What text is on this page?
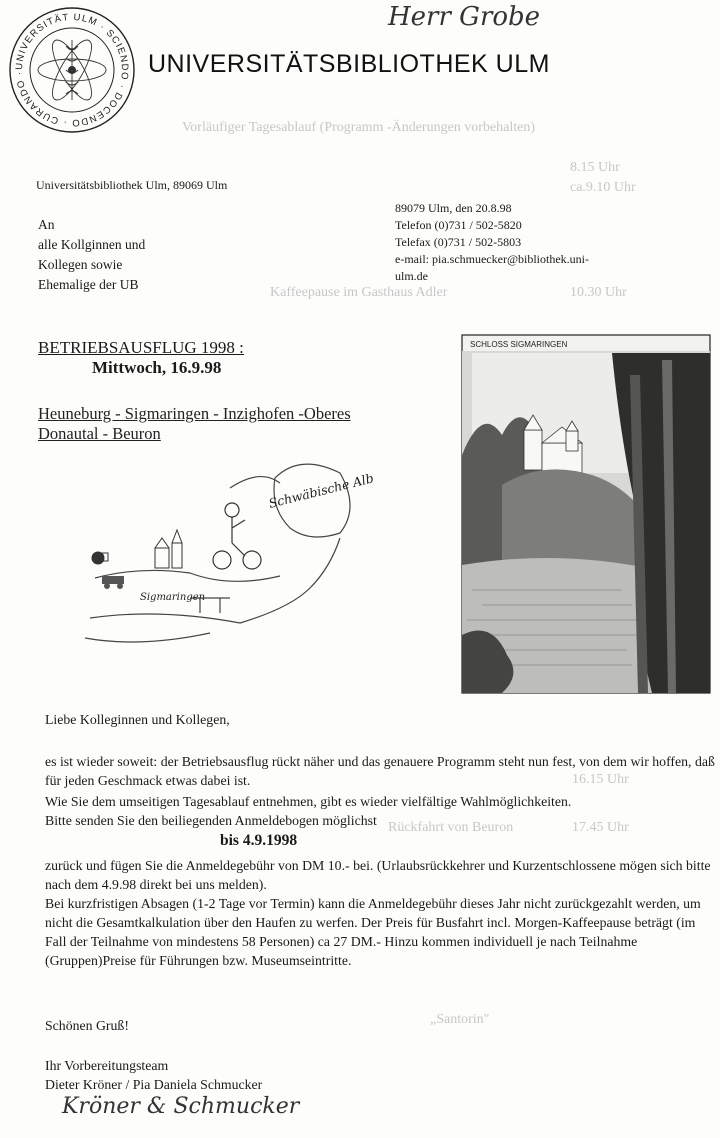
Vorläufiger Tagesablauf (Programm -Änderungen vorbehalten)
8.15 Uhr
ca.9.10 Uhr
10.30 Uhr
Kaffeepause im Gasthaus Adler
16.15 Uhr
17.45 Uhr
Rückfahrt von Beuron
„Santorin"
Herr Grobe
UNIVERSITÄT ULM · SCIENDO · DOCENDO · CURANDO ·	UNIVERSITÄTSBIBLIOTHEK ULM
Universitätsbibliothek Ulm, 89069 Ulm
An
alle Kollginnen und
Kollegen sowie
Ehemalige der UB
89079 Ulm, den 20.8.98
Telefon (0)731 / 502-5820
Telefax (0)731 / 502-5803
e-mail: pia.schmuecker@bibliothek.uni-
ulm.de
BETRIEBSAUSFLUG 1998 :
Mittwoch, 16.9.98
Heuneburg - Sigmaringen - Inzighofen -Oberes
Donautal - Beuron
SCHLOSS SIGMARINGEN
Schwäbische Alb
Sigmaringen
Liebe Kolleginnen und Kollegen,
es ist wieder soweit: der Betriebsausflug rückt näher und das genauere Programm steht nun fest, von dem wir hoffen, daß für jeden Geschmack etwas dabei ist.
Wie Sie dem umseitigen Tagesablauf entnehmen, gibt es wieder vielfältige Wahlmöglichkeiten.
Bitte senden Sie den beiliegenden Anmeldebogen möglichst
bis 4.9.1998
zurück und fügen Sie die Anmeldegebühr von DM 10.- bei. (Urlaubsrückkehrer und Kurzentschlossene mögen sich bitte nach dem 4.9.98 direkt bei uns melden).
Bei kurzfristigen Absagen (1-2 Tage vor Termin) kann die Anmeldegebühr dieses Jahr nicht zurückgezahlt werden, um nicht die Gesamtkalkulation über den Haufen zu werfen. Der Preis für Busfahrt incl. Morgen-Kaffeepause beträgt (im Fall der Teilnahme von mindestens 58 Personen) ca 27 DM.- Hinzu kommen individuell je nach Teilnahme (Gruppen)Preise für Führungen bzw. Museumseintritte.
Schönen Gruß!
Ihr Vorbereitungsteam
Dieter Kröner / Pia Daniela Schmucker
Kröner & Schmucker
